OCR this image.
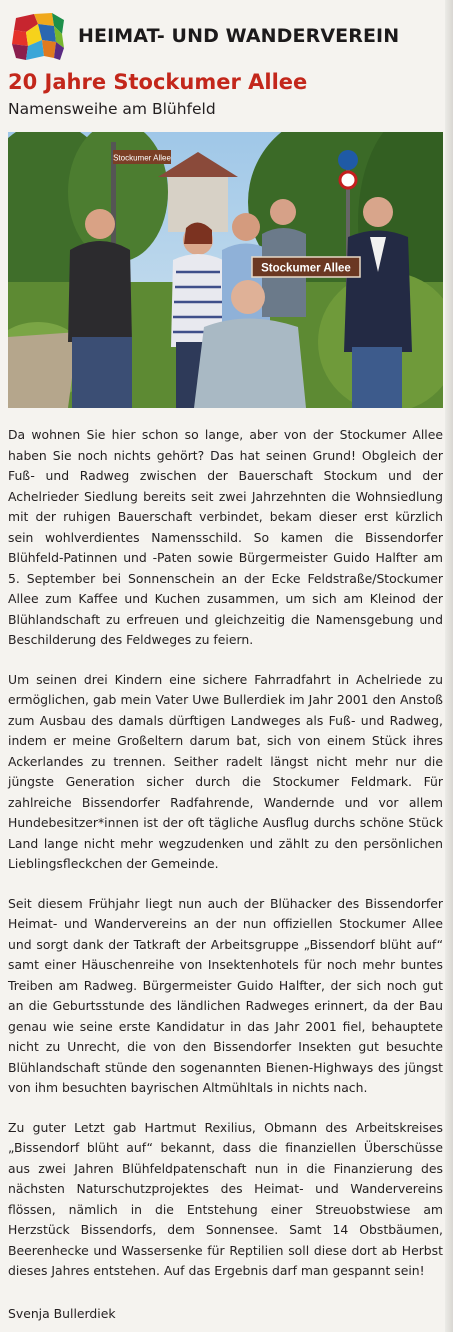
HEIMAT- UND WANDERVEREIN
20 Jahre Stockumer Allee
Namensweihe am Blühfeld
Stockumer Allee
Stockumer Allee

Da wohnen Sie hier schon so lange, aber von der Stockumer Allee haben Sie noch nichts gehört? Das hat seinen Grund! Obgleich der Fuß- und Radweg zwischen der Bauerschaft Stockum und der Achelrieder Siedlung bereits seit zwei Jahrzehnten die Wohnsiedlung mit der ruhigen Bauerschaft verbindet, bekam dieser erst kürzlich sein wohlverdientes Namensschild. So kamen die Bissendorfer Blühfeld-Patinnen und -Paten sowie Bürgermeister Guido Halfter am 5. September bei Sonnenschein an der Ecke Feldstraße/Stockumer Allee zum Kaffee und Kuchen zusammen, um sich am Kleinod der Blühlandschaft zu erfreuen und gleichzeitig die Namensgebung und Beschilderung des Feldweges zu feiern.

Um seinen drei Kindern eine sichere Fahrradfahrt in Achelriede zu ermöglichen, gab mein Vater Uwe Bullerdiek im Jahr 2001 den Anstoß zum Ausbau des damals dürftigen Landweges als Fuß- und Radweg, indem er meine Großeltern darum bat, sich von einem Stück ihres Ackerlandes zu trennen. Seither radelt längst nicht mehr nur die jüngste Generation sicher durch die Stockumer Feldmark. Für zahlreiche Bissendorfer Radfahrende, Wandernde und vor allem Hundebesitzer*innen ist der oft tägliche Ausflug durchs schöne Stück Land lange nicht mehr wegzudenken und zählt zu den persönlichen Lieblingsfleckchen der Gemeinde.

Seit diesem Frühjahr liegt nun auch der Blühacker des Bissendorfer Heimat- und Wandervereins an der nun offiziellen Stockumer Allee und sorgt dank der Tatkraft der Arbeitsgruppe „Bissendorf blüht auf“ samt einer Häuschenreihe von Insektenhotels für noch mehr buntes Treiben am Radweg. Bürgermeister Guido Halfter, der sich noch gut an die Geburtsstunde des ländlichen Radweges erinnert, da der Bau genau wie seine erste Kandidatur in das Jahr 2001 fiel, behauptete nicht zu Unrecht, die von den Bissendorfer Insekten gut besuchte Blühlandschaft stünde den sogenannten Bienen-Highways des jüngst von ihm besuchten bayrischen Altmühltals in nichts nach.

Zu guter Letzt gab Hartmut Rexilius, Obmann des Arbeitskreises „Bissendorf blüht auf“ bekannt, dass die finanziellen Überschüsse aus zwei Jahren Blühfeldpatenschaft nun in die Finanzierung des nächsten Naturschutzprojektes des Heimat- und Wandervereins flössen, nämlich in die Entstehung einer Streuobstwiese am Herzstück Bissendorfs, dem Sonnensee. Samt 14 Obstbäumen, Beerenhecke und Wassersenke für Reptilien soll diese dort ab Herbst dieses Jahres entstehen. Auf das Ergebnis darf man gespannt sein!

Svenja Bullerdiek
